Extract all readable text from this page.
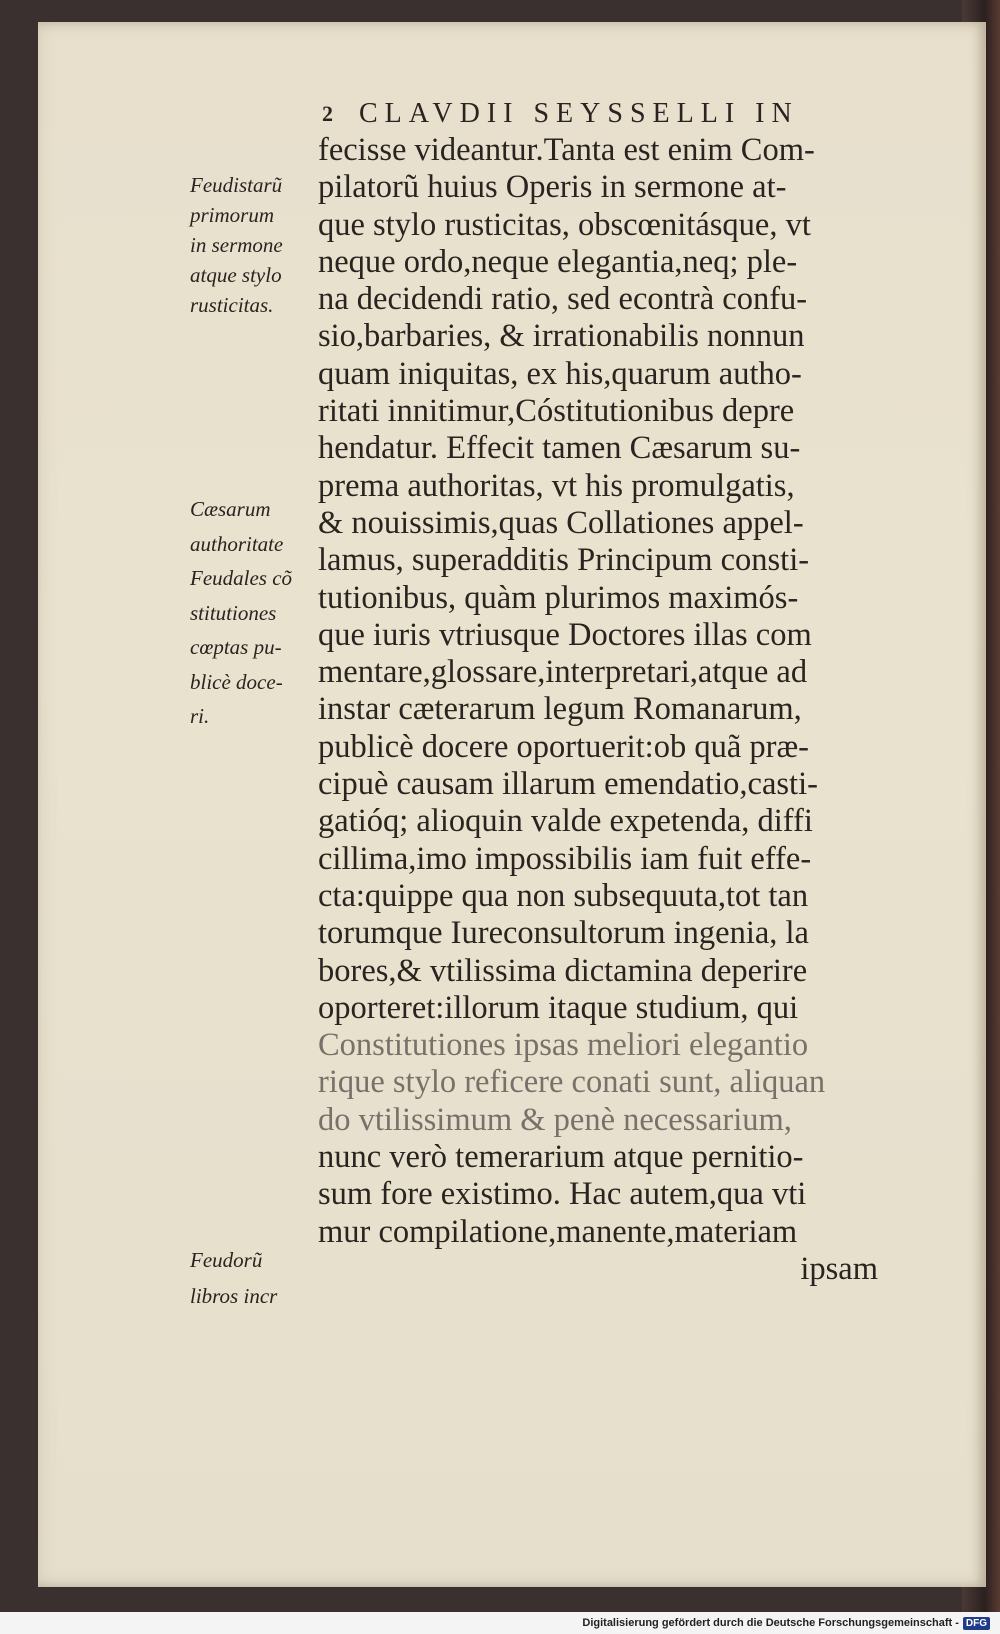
2 CLAVDII SEYSSELLI IN
Feudistarũ
primorum
in sermone
atque stylo
rusticitas.
Cæsarum
authoritate
Feudales cõ
stitutiones
cœptas pu-
blicè doce-
ri.
Feudorũ
libros incr
fecisse videantur.Tanta est enim Com-
pilatorũ huius Operis in sermone at-
que stylo rusticitas, obscœnitásque, vt
neque ordo,neque elegantia,neq; ple-
na decidendi ratio, sed econtrà confu-
sio,barbaries, & irrationabilis nonnun
quam iniquitas, ex his,quarum autho-
ritati innitimur,Cóstitutionibus depre
hendatur. Effecit tamen Cæsarum su-
prema authoritas, vt his promulgatis,
& nouissimis,quas Collationes appel-
lamus, superadditis Principum consti-
tutionibus, quàm plurimos maximós-
que iuris vtriusque Doctores illas com
mentare,glossare,interpretari,atque ad
instar cæterarum legum Romanarum,
publicè docere oportuerit:ob quã præ-
cipuè causam illarum emendatio,casti-
gatióq; alioquin valde expetenda, diffi
cillima,imo impossibilis iam fuit effe-
cta:quippe qua non subsequuta,tot tan
torumque Iureconsultorum ingenia, la
bores,& vtilissima dictamina deperire
oporteret:illorum itaque studium, qui
Constitutiones ipsas meliori elegantio
rique stylo reficere conati sunt, aliquan
do vtilissimum & penè necessarium,
nunc verò temerarium atque pernitio-
sum fore existimo. Hac autem,qua vti
mur compilatione,manente,materiam
ipsam
Digitalisierung gefördert durch die Deutsche Forschungsgemeinschaft - DFG
